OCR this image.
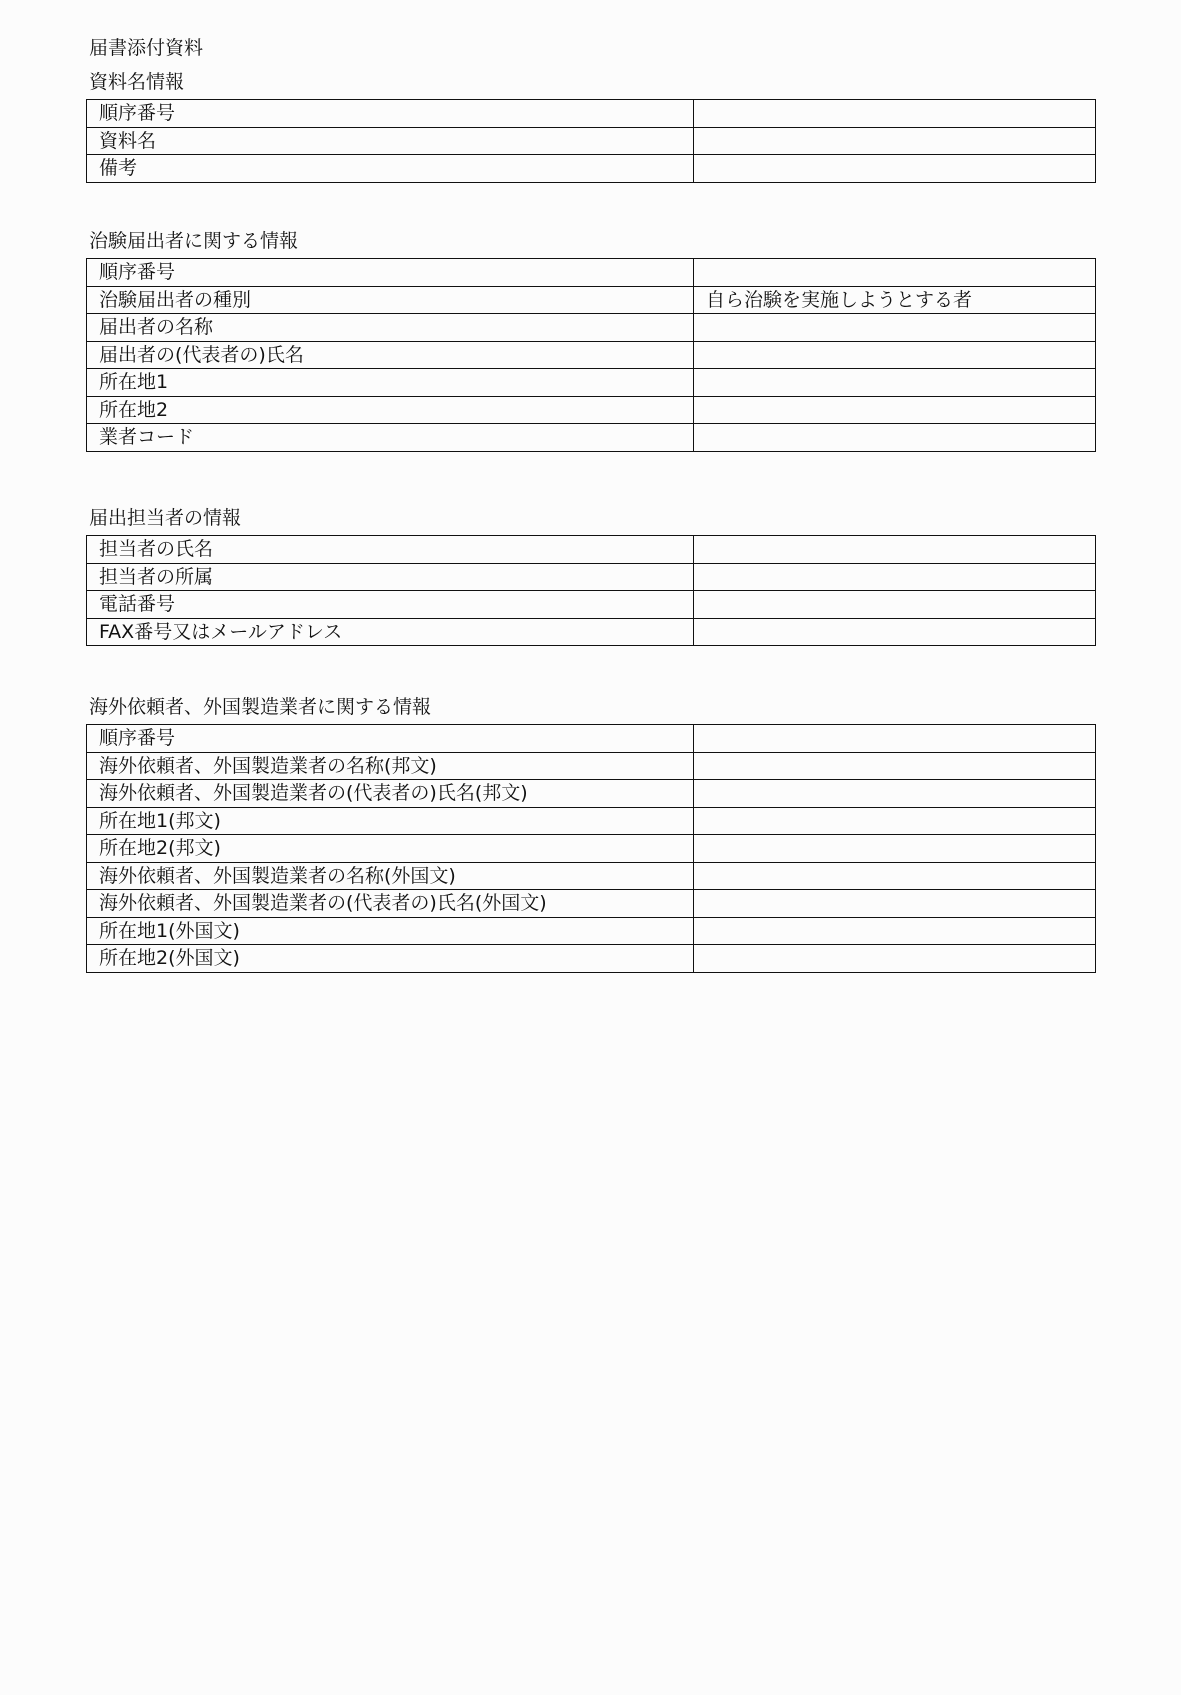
届書添付資料
資料名情報
順序番号	
資料名	
備考	
治験届出者に関する情報
順序番号	
治験届出者の種別	自ら治験を実施しようとする者
届出者の名称	
届出者の(代表者の)氏名	
所在地1	
所在地2	
業者コード	
届出担当者の情報
担当者の氏名	
担当者の所属	
電話番号	
FAX番号又はメールアドレス	
海外依頼者、外国製造業者に関する情報
順序番号	
海外依頼者、外国製造業者の名称(邦文)	
海外依頼者、外国製造業者の(代表者の)氏名(邦文)	
所在地1(邦文)	
所在地2(邦文)	
海外依頼者、外国製造業者の名称(外国文)	
海外依頼者、外国製造業者の(代表者の)氏名(外国文)	
所在地1(外国文)	
所在地2(外国文)	
